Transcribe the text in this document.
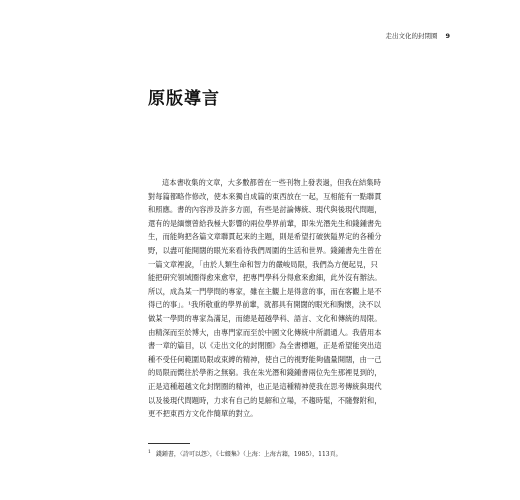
走出文化的封閉圈 9
原版導言
這本書收集的文章，大多數都曾在一些刊物上發表過，但我在結集時
對每篇都略作修改，使本來獨自成篇的東西放在一起，互相能有一點聯貫
和照應。書的內容涉及許多方面，有些是討論傳統、現代與後現代問題，
還有的是緬懷曾給我極大影響的兩位學界前輩，即朱光潛先生和錢鍾書先
生，而能夠把各篇文章聯貫起來的主題，則是希望打破狹隘界定的各種分
野，以盡可能開闊的眼光來看待我們周圍的生活和世界。錢鍾書先生曾在
一篇文章裡說，「由於人類生命和智力的嚴峻局限，我們為方便起見，只
能把研究領域圈得愈來愈窄，把專門學科分得愈來愈細，此外沒有辦法。
所以，成為某一門學問的專家，雖在主觀上是得意的事，而在客觀上是不
得已的事」。¹我所敬重的學界前輩，就都具有開闊的眼光和胸懷，決不以
做某一學問的專家為滿足，而總是超越學科、語言、文化和傳統的局限。
由精深而至於博大，由專門家而至於中國文化傳統中所謂通人。我借用本
書一章的篇目，以《走出文化的封閉圈》為全書標題，正是希望能突出這
種不受任何範圍局限或束縛的精神，使自己的視野能夠儘量開闊，由一己
的局限而嚮往於學術之無窮。我在朱光潛和錢鍾書兩位先生那裡見到的，
正是這種超越文化封閉圈的精神，也正是這種精神使我在思考傳統與現代
以及後現代問題時，力求有自己的見解和立場，不趨時髦，不隨聲附和，
更不把東西方文化作簡單的對立。
$^1$ 錢鍾書，〈詩可以怨〉，《七綴集》（上海：上海古籍，1985），113頁。
